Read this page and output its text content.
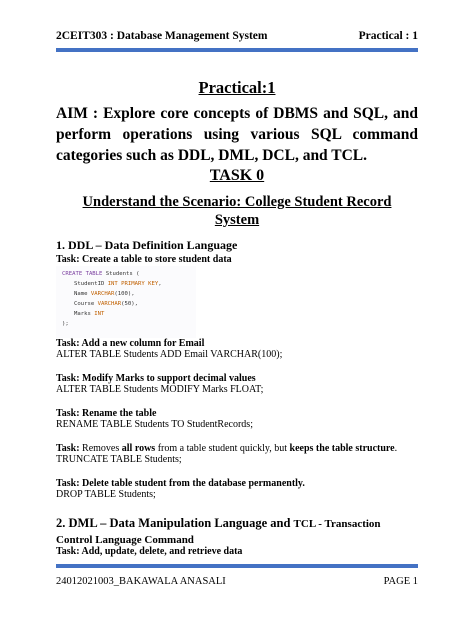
2CEIT303 : Database Management System	Practical : 1
Practical:1
AIM : Explore core concepts of DBMS and SQL, and perform operations using various SQL command categories such as DDL, DML, DCL, and TCL.
TASK 0
Understand the Scenario: College Student Record System
1. DDL – Data Definition Language
Task: Create a table to store student data
CREATE TABLE Students (
StudentID INT PRIMARY KEY,
Name VARCHAR(100),
Course VARCHAR(50),
Marks INT
);
Task: Add a new column for Email
ALTER TABLE Students ADD Email VARCHAR(100);
Task: Modify Marks to support decimal values
ALTER TABLE Students MODIFY Marks FLOAT;
Task: Rename the table
RENAME TABLE Students TO StudentRecords;
Task: Removes all rows from a table student quickly, but keeps the table structure.
TRUNCATE TABLE Students;
Task: Delete table student from the database permanently.
DROP TABLE Students;
2. DML – Data Manipulation Language and TCL - Transaction
Control Language Command
Task: Add, update, delete, and retrieve data
24012021003_BAKAWALA ANASALI	PAGE 1
